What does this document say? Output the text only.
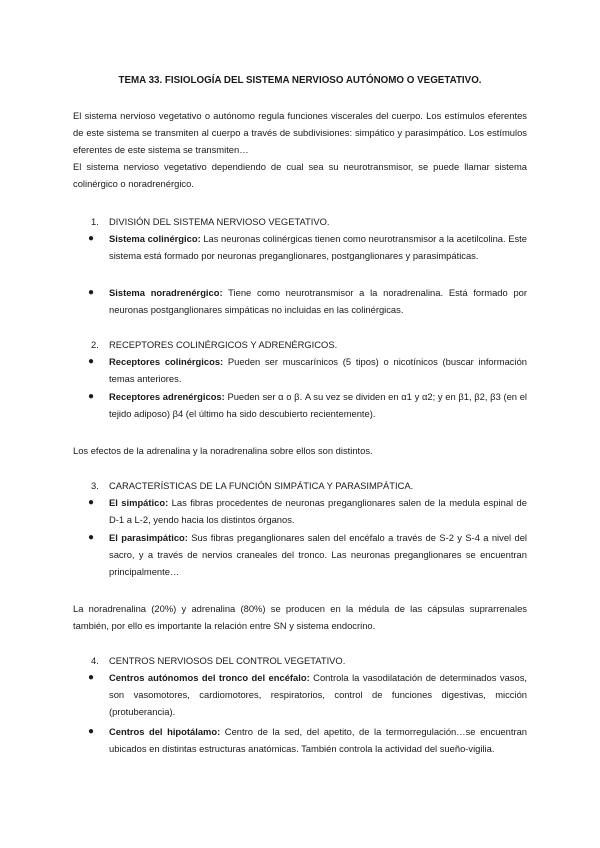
TEMA 33. FISIOLOGÍA DEL SISTEMA NERVIOSO AUTÓNOMO O VEGETATIVO.
El sistema nervioso vegetativo o autónomo regula funciones viscerales del cuerpo. Los estímulos eferentes de este sistema se transmiten al cuerpo a través de subdivisiones: simpático y parasimpático. Los estímulos eferentes de este sistema se transmiten…
El sistema nervioso vegetativo dependiendo de cual sea su neurotransmisor, se puede llamar sistema colinérgico o noradrenérgico.
1. DIVISIÓN DEL SISTEMA NERVIOSO VEGETATIVO.
● Sistema colinérgico: Las neuronas colinérgicas tienen como neurotransmisor a la acetilcolina. Este sistema está formado por neuronas preganglionares, postganglionares y parasimpáticas.
● Sistema noradrenérgico: Tiene como neurotransmisor a la noradrenalina. Está formado por neuronas postganglionares simpáticas no incluidas en las colinérgicas.
2. RECEPTORES COLINÉRGICOS Y ADRENÉRGICOS.
● Receptores colinérgicos: Pueden ser muscarínicos (5 tipos) o nicotínicos (buscar información temas anteriores.
● Receptores adrenérgicos: Pueden ser α o β. A su vez se dividen en α1 y α2; y en β1, β2, β3 (en el tejido adiposo) β4 (el último ha sido descubierto recientemente).
Los efectos de la adrenalina y la noradrenalina sobre ellos son distintos.
3. CARACTERÍSTICAS DE LA FUNCIÓN SIMPÁTICA Y PARASIMPÁTICA.
● El simpático: Las fibras procedentes de neuronas preganglionares salen de la medula espinal de D-1 a L-2, yendo hacia los distintos órganos.
● El parasimpático: Sus fibras preganglionares salen del encéfalo a través de S-2 y S-4 a nivel del sacro, y a través de nervios craneales del tronco. Las neuronas preganglionares se encuentran principalmente…
La noradrenalina (20%) y adrenalina (80%) se producen en la médula de las cápsulas suprarrenales también, por ello es importante la relación entre SN y sistema endocrino.
4. CENTROS NERVIOSOS DEL CONTROL VEGETATIVO.
● Centros autónomos del tronco del encéfalo: Controla la vasodilatación de determinados vasos, son vasomotores, cardiomotores, respiratorios, control de funciones digestivas, micción (protuberancia).
● Centros del hipotálamo: Centro de la sed, del apetito, de la termorregulación…se encuentran ubicados en distintas estructuras anatómicas. También controla la actividad del sueño-vigilia.
